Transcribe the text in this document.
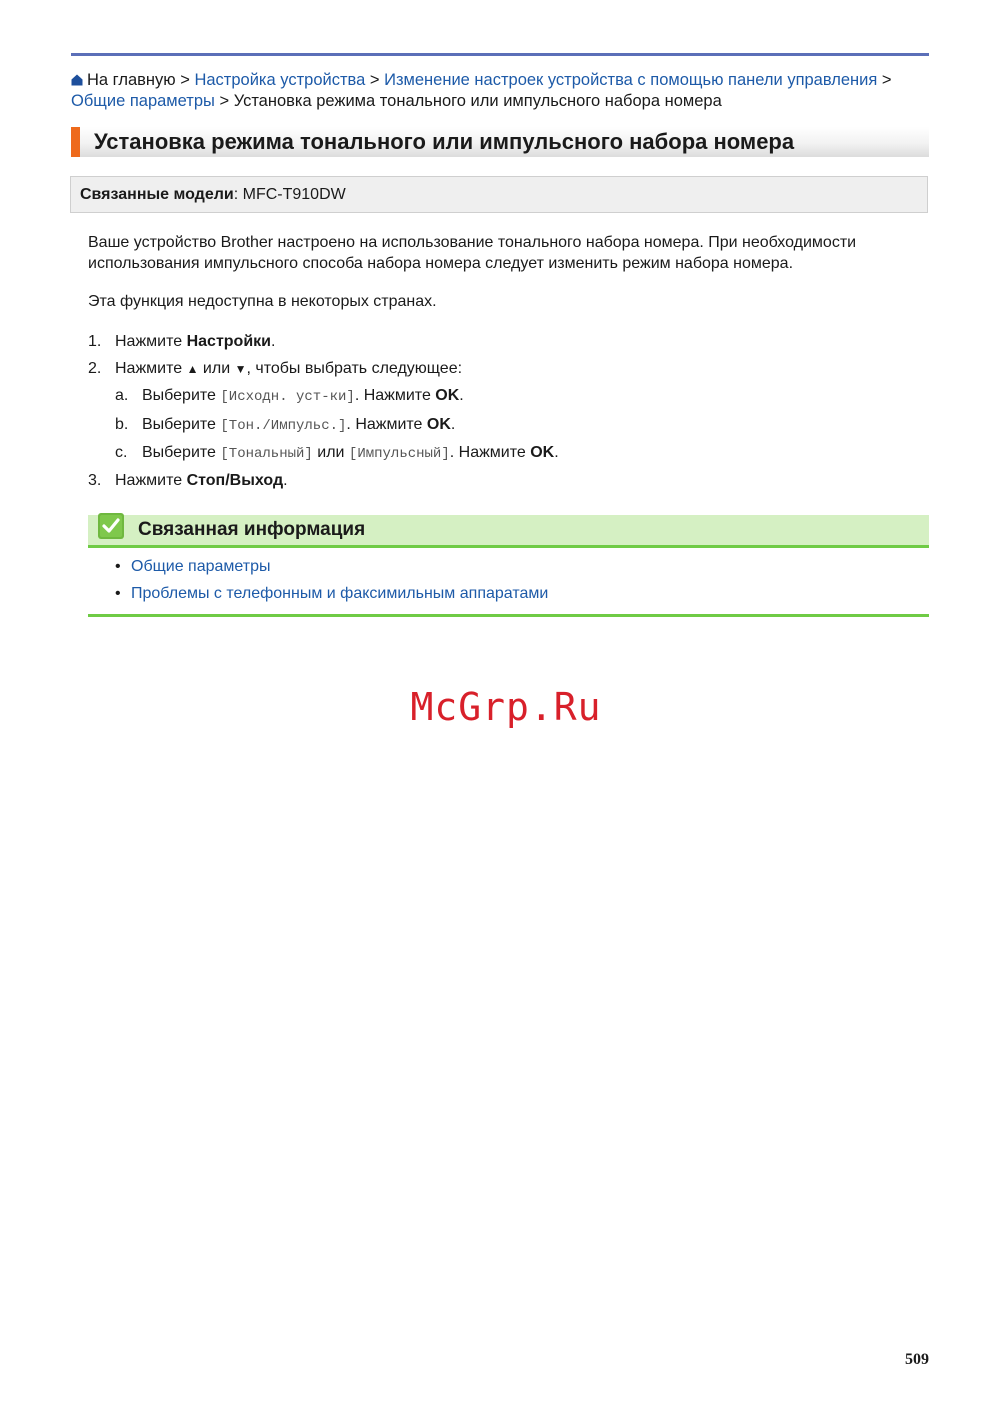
На главную > Настройка устройства > Изменение настроек устройства с помощью панели управления > Общие параметры > Установка режима тонального или импульсного набора номера
Установка режима тонального или импульсного набора номера
Связанные модели: MFC-T910DW
Ваше устройство Brother настроено на использование тонального набора номера. При необходимости использования импульсного способа набора номера следует изменить режим набора номера.
Эта функция недоступна в некоторых странах.
1. Нажмите Настройки.
2. Нажмите ▲ или ▼, чтобы выбрать следующее:
a. Выберите [Исходн. уст-ки]. Нажмите OK.
b. Выберите [Тон./Импульс.]. Нажмите OK.
c. Выберите [Тональный] или [Импульсный]. Нажмите OK.
3. Нажмите Стоп/Выход.
Связанная информация
• Общие параметры
• Проблемы с телефонным и факсимильным аппаратами
McGrp.Ru
509
